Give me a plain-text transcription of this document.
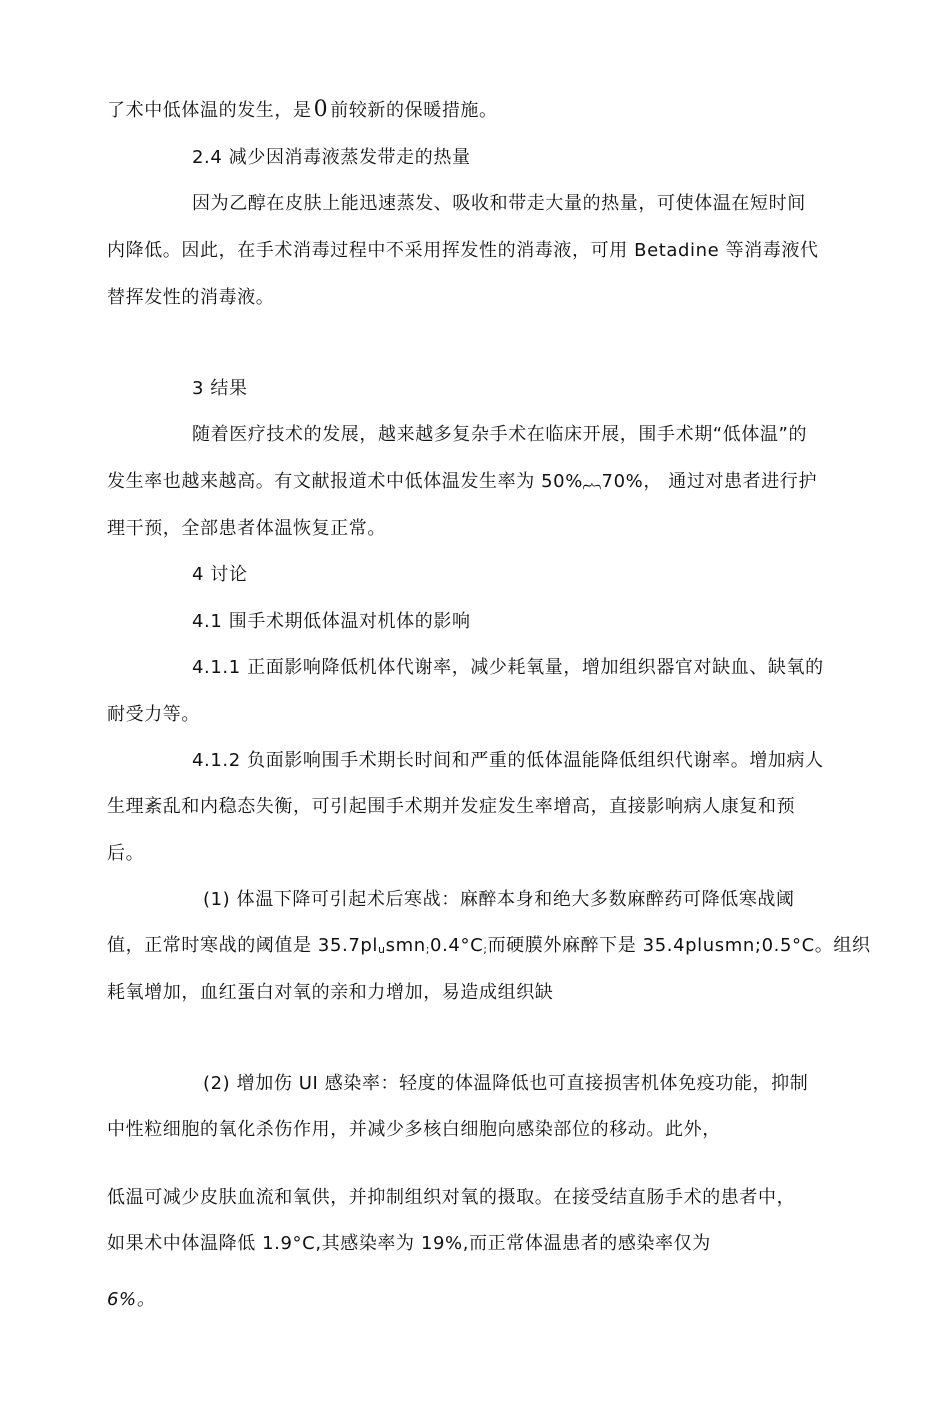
了术中低体温的发生，是0 前较新的保暖措施。
2.4 减少因消毒液蒸发带走的热量
因为乙醇在皮肤上能迅速蒸发、吸收和带走大量的热量，可使体温在短时间
内降低。因此，在手术消毒过程中不采用挥发性的消毒液，可用 Betadine 等消毒液代
替挥发性的消毒液。
3 结果
随着医疗技术的发展，越来越多复杂手术在临床开展，围手术期“低体温”的
发生率也越来越高。有文献报道术中低体温发生率为 50%︷70%， 通过对患者进行护
理干预，全部患者体温恢复正常。
4 讨论
4.1 围手术期低体温对机体的影响
4.1.1 正面影响降低机体代谢率，减少耗氧量，增加组织器官对缺血、缺氧的
耐受力等。
4.1.2 负面影响围手术期长时间和严重的低体温能降低组织代谢率。增加病人
生理紊乱和内稳态失衡，可引起围手术期并发症发生率增高，直接影响病人康复和预
后。
(1) 体温下降可引起术后寒战：麻醉本身和绝大多数麻醉药可降低寒战阈
值，正常时寒战的阈值是 35.7plusmn;0.4°C;而硬膜外麻醉下是 35.4plusmn;0.5°C。组织
耗氧增加，血红蛋白对氧的亲和力增加，易造成组织缺
(2) 增加伤 UI 感染率：轻度的体温降低也可直接损害机体免疫功能，抑制
中性粒细胞的氧化杀伤作用，并减少多核白细胞向感染部位的移动。此外，
低温可减少皮肤血流和氧供，并抑制组织对氧的摄取。在接受结直肠手术的患者中，
如果术中体温降低 1.9°C,其感染率为 19%,而正常体温患者的感染率仅为
6%。
